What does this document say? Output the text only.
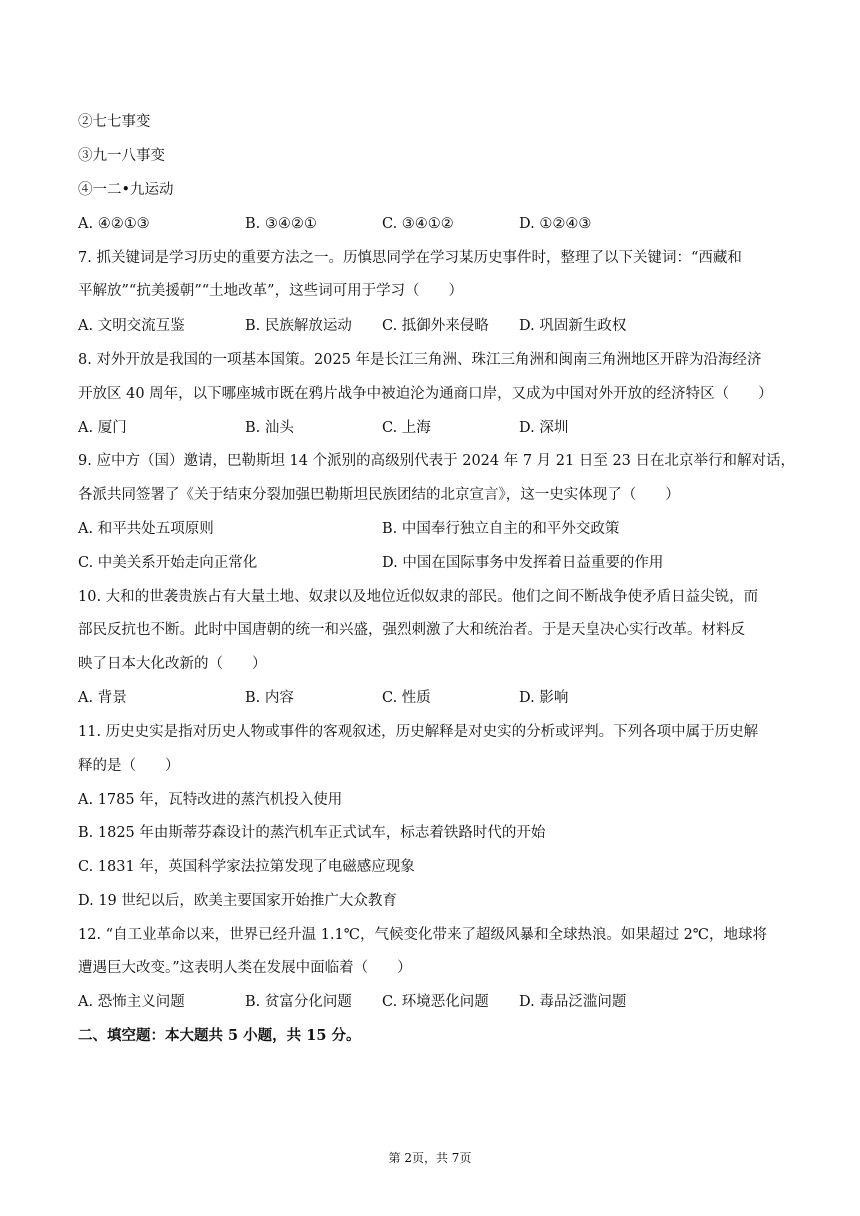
②七七事变
③九一八事变
④一二•九运动
A. ④②①③	B. ③④②①	C. ③④①②	D. ①②④③
7. 抓关键词是学习历史的重要方法之一。历慎思同学在学习某历史事件时，整理了以下关键词：“西藏和
平解放”“抗美援朝”“土地改革”，这些词可用于学习（　　）
A. 文明交流互鉴	B. 民族解放运动 C. 抵御外来侵略 D. 巩固新生政权
8. 对外开放是我国的一项基本国策。2025 年是长江三角洲、珠江三角洲和闽南三角洲地区开辟为沿海经济
开放区 40 周年，以下哪座城市既在鸦片战争中被迫沦为通商口岸，又成为中国对外开放的经济特区（　　）
A. 厦门	B. 汕头	C. 上海	D. 深圳
9. 应中方（国）邀请，巴勒斯坦 14 个派别的高级别代表于 2024 年 7 月 21 日至 23 日在北京举行和解对话，
各派共同签署了《关于结束分裂加强巴勒斯坦民族团结的北京宣言》，这一史实体现了（　　）
A. 和平共处五项原则	B. 中国奉行独立自主的和平外交政策
C. 中美关系开始走向正常化	D. 中国在国际事务中发挥着日益重要的作用
10. 大和的世袭贵族占有大量土地、奴隶以及地位近似奴隶的部民。他们之间不断战争使矛盾日益尖锐，而
部民反抗也不断。此时中国唐朝的统一和兴盛，强烈刺激了大和统治者。于是天皇决心实行改革。材料反
映了日本大化改新的（　　）
A. 背景	B. 内容	C. 性质	D. 影响
11. 历史史实是指对历史人物或事件的客观叙述，历史解释是对史实的分析或评判。下列各项中属于历史解
释的是（　　）
A. 1785 年，瓦特改进的蒸汽机投入使用
B. 1825 年由斯蒂芬森设计的蒸汽机车正式试车，标志着铁路时代的开始
C. 1831 年，英国科学家法拉第发现了电磁感应现象
D. 19 世纪以后，欧美主要国家开始推广大众教育
12. “自工业革命以来，世界已经升温 1.1℃，气候变化带来了超级风暴和全球热浪。如果超过 2℃，地球将
遭遇巨大改变。”这表明人类在发展中面临着（　　）
A. 恐怖主义问题	B. 贫富分化问题 C. 环境恶化问题 D. 毒品泛滥问题
二、填空题：本大题共 5 小题，共 15 分。
第 2页，共 7页
